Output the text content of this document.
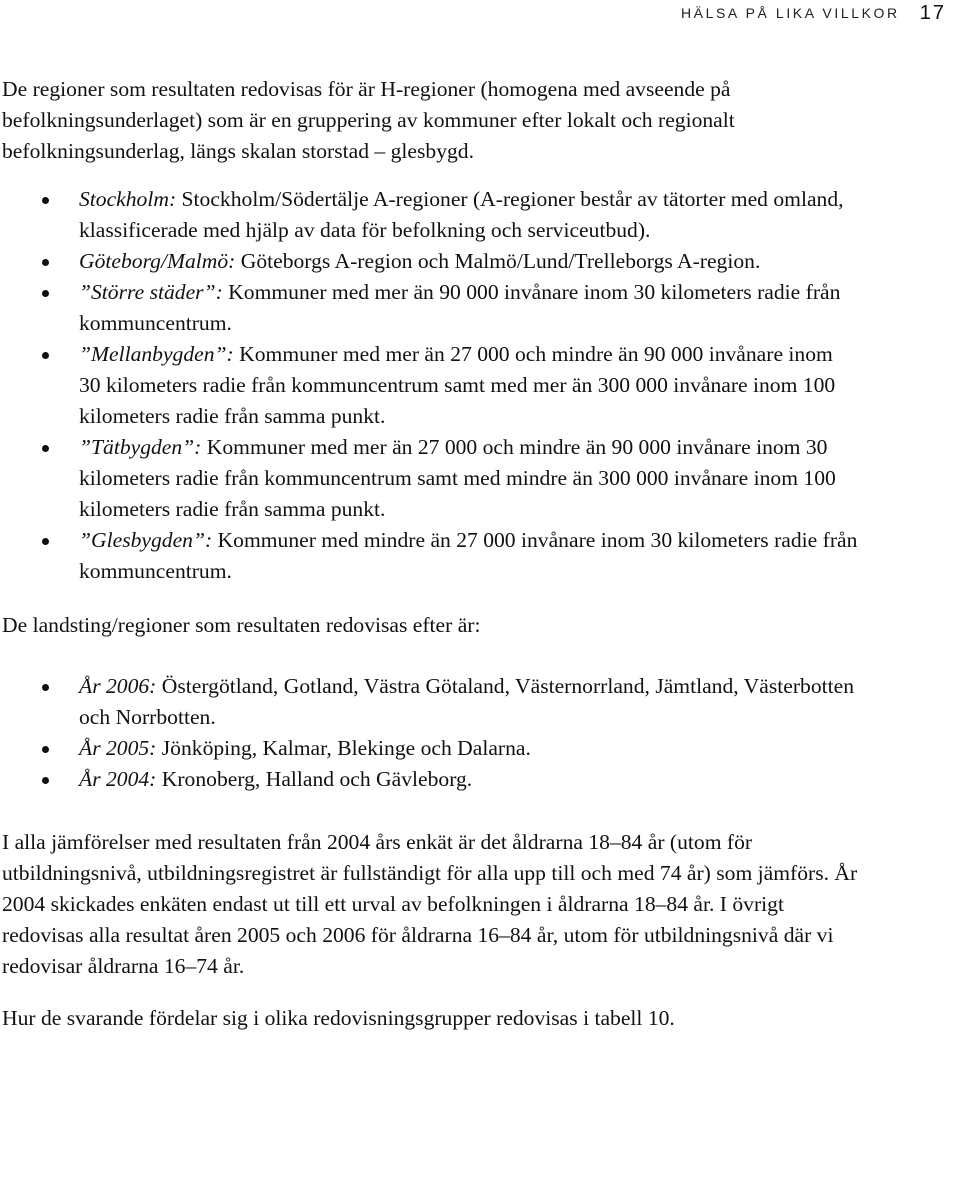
HÄLSA PÅ LIKA VILLKOR 17

De regioner som resultaten redovisas för är H-regioner (homogena med avseende på befolkningsunderlaget) som är en gruppering av kommuner efter lokalt och regionalt befolkningsunderlag, längs skalan storstad – glesbygd.

Stockholm: Stockholm/Södertälje A-regioner (A-regioner består av tätorter med omland, klassificerade med hjälp av data för befolkning och serviceutbud).
Göteborg/Malmö: Göteborgs A-region och Malmö/Lund/Trelleborgs A-region.
”Större städer”: Kommuner med mer än 90 000 invånare inom 30 kilometers radie från kommuncentrum.
”Mellanbygden”: Kommuner med mer än 27 000 och mindre än 90 000 invånare inom 30 kilometers radie från kommuncentrum samt med mer än 300 000 invånare inom 100 kilometers radie från samma punkt.
”Tätbygden”: Kommuner med mer än 27 000 och mindre än 90 000 invånare inom 30 kilometers radie från kommuncentrum samt med mindre än 300 000 invånare inom 100 kilometers radie från samma punkt.
”Glesbygden”: Kommuner med mindre än 27 000 invånare inom 30 kilometers radie från kommuncentrum.

De landsting/regioner som resultaten redovisas efter är:

År 2006: Östergötland, Gotland, Västra Götaland, Västernorrland, Jämtland, Västerbotten och Norrbotten.
År 2005: Jönköping, Kalmar, Blekinge och Dalarna.
År 2004: Kronoberg, Halland och Gävleborg.

I alla jämförelser med resultaten från 2004 års enkät är det åldrarna 18–84 år (utom för utbildningsnivå, utbildningsregistret är fullständigt för alla upp till och med 74 år) som jämförs. År 2004 skickades enkäten endast ut till ett urval av befolkningen i åldrarna 18–84 år. I övrigt redovisas alla resultat åren 2005 och 2006 för åldrarna 16–84 år, utom för utbildningsnivå där vi redovisar åldrarna 16–74 år.

Hur de svarande fördelar sig i olika redovisningsgrupper redovisas i tabell 10.
